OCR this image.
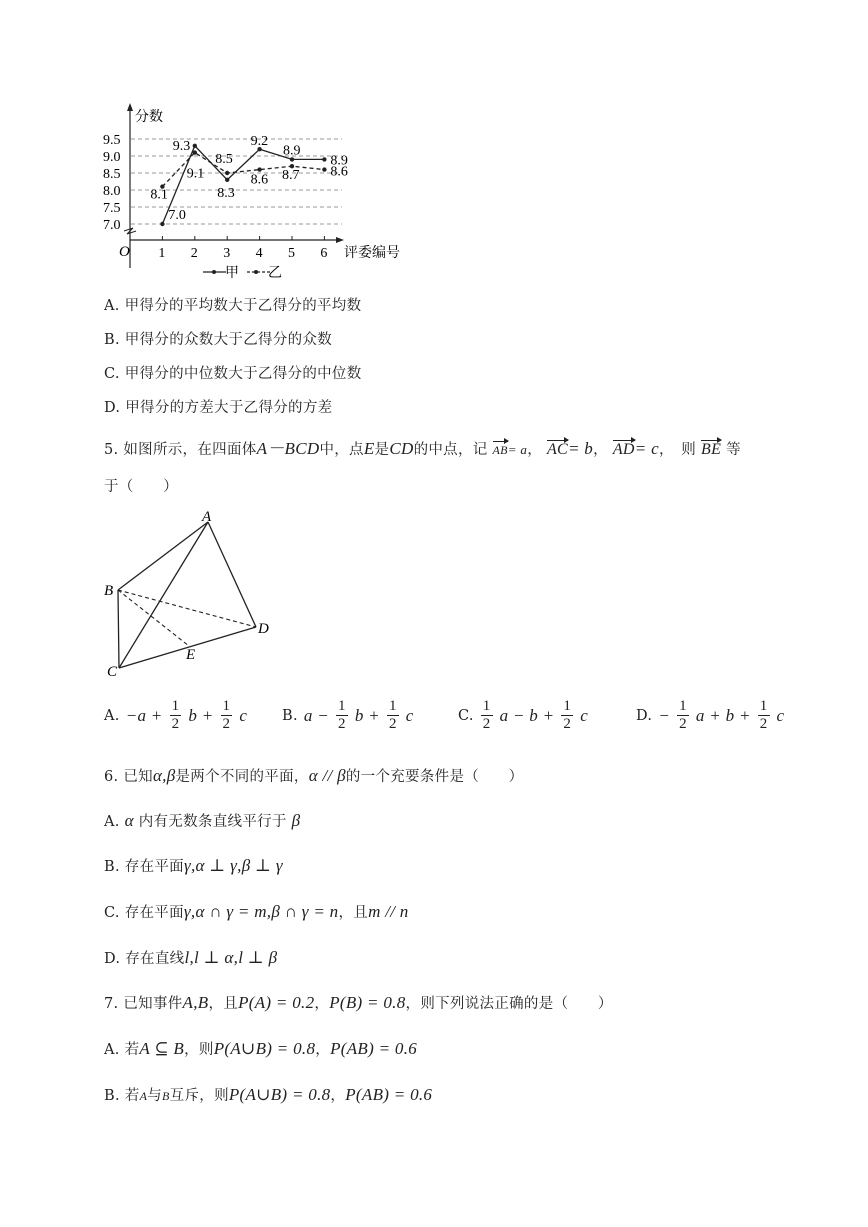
分数
评委编号
O
7.0
7.5
8.0
8.5
9.0
9.5
1 2 3 4 5 6
7.0
9.3
8.3
9.2
8.9
8.9
8.1
9.1
8.5
8.6 8.7 8.6
甲 乙
A. 甲得分的平均数大于乙得分的平均数
B. 甲得分的众数大于乙得分的众数
C. 甲得分的中位数大于乙得分的中位数
D. 甲得分的方差大于乙得分的方差
5. 如图所示，在四面体A－BCD中，点E是CD的中点，记 AB= a， AC= b， AD= c，　则 BE 等
于（　　）
A
B
C
D
E
A. $-a + \frac{1}{2}$ $b + \frac{1}{2}$ c B. $a - \frac{1}{2}$ $b + \frac{1}{2}$ c	C. $\frac{1}{2}$ $a - b + \frac{1}{2}$ c	D. − $\frac{1}{2}$ $a + b + \frac{1}{2}$ c
6. 已知α,β是两个不同的平面，α // β的一个充要条件是（　　）
A. α 内有无数条直线平行于 β
B. 存在平面γ,α ⊥ γ,β ⊥ γ
C. 存在平面γ,α ∩ γ = m,β ∩ γ = n，且m // n
D. 存在直线l,l ⊥ α,l ⊥ β
7. 已知事件A,B，且P(A) = 0.2，P(B) = 0.8，则下列说法正确的是（　　）
A. 若A ⊆ B，则P(A∪B) = 0.8，P(AB) = 0.6
B. 若A与B互斥，则P(A∪B) = 0.8，P(AB) = 0.6
